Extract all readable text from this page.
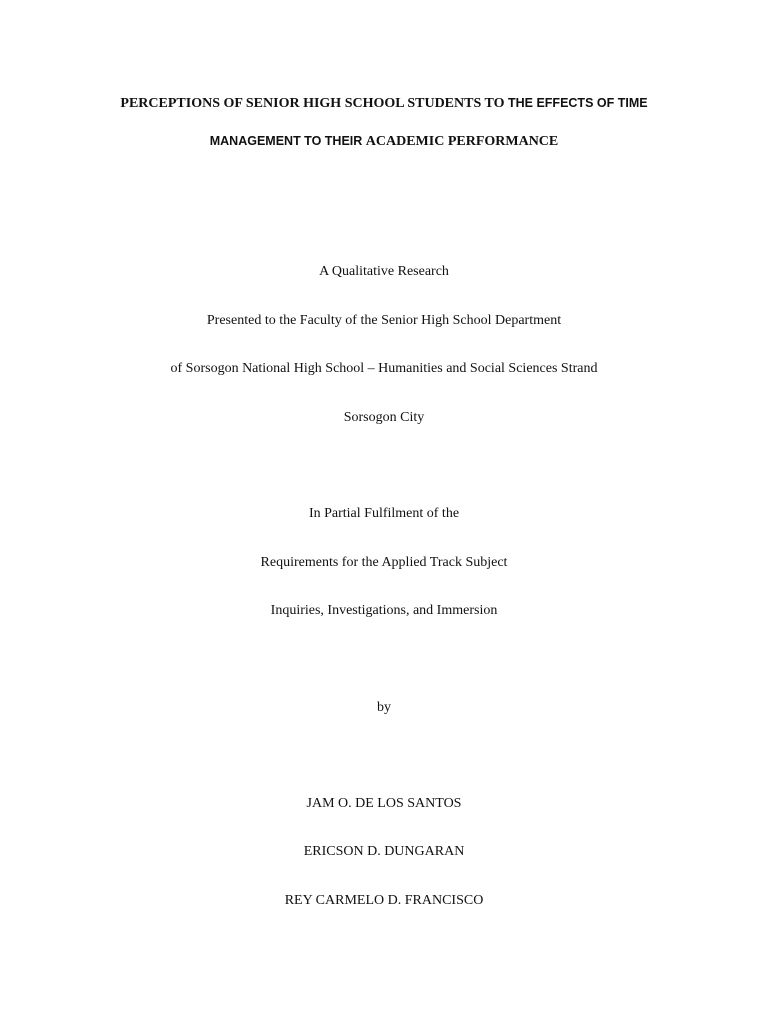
PERCEPTIONS OF SENIOR HIGH SCHOOL STUDENTS TO THE EFFECTS OF TIME
MANAGEMENT TO THEIR ACADEMIC PERFORMANCE
A Qualitative Research
Presented to the Faculty of the Senior High School Department
of Sorsogon National High School – Humanities and Social Sciences Strand
Sorsogon City
In Partial Fulfilment of the
Requirements for the Applied Track Subject
Inquiries, Investigations, and Immersion
by
JAM O. DE LOS SANTOS
ERICSON D. DUNGARAN
REY CARMELO D. FRANCISCO
